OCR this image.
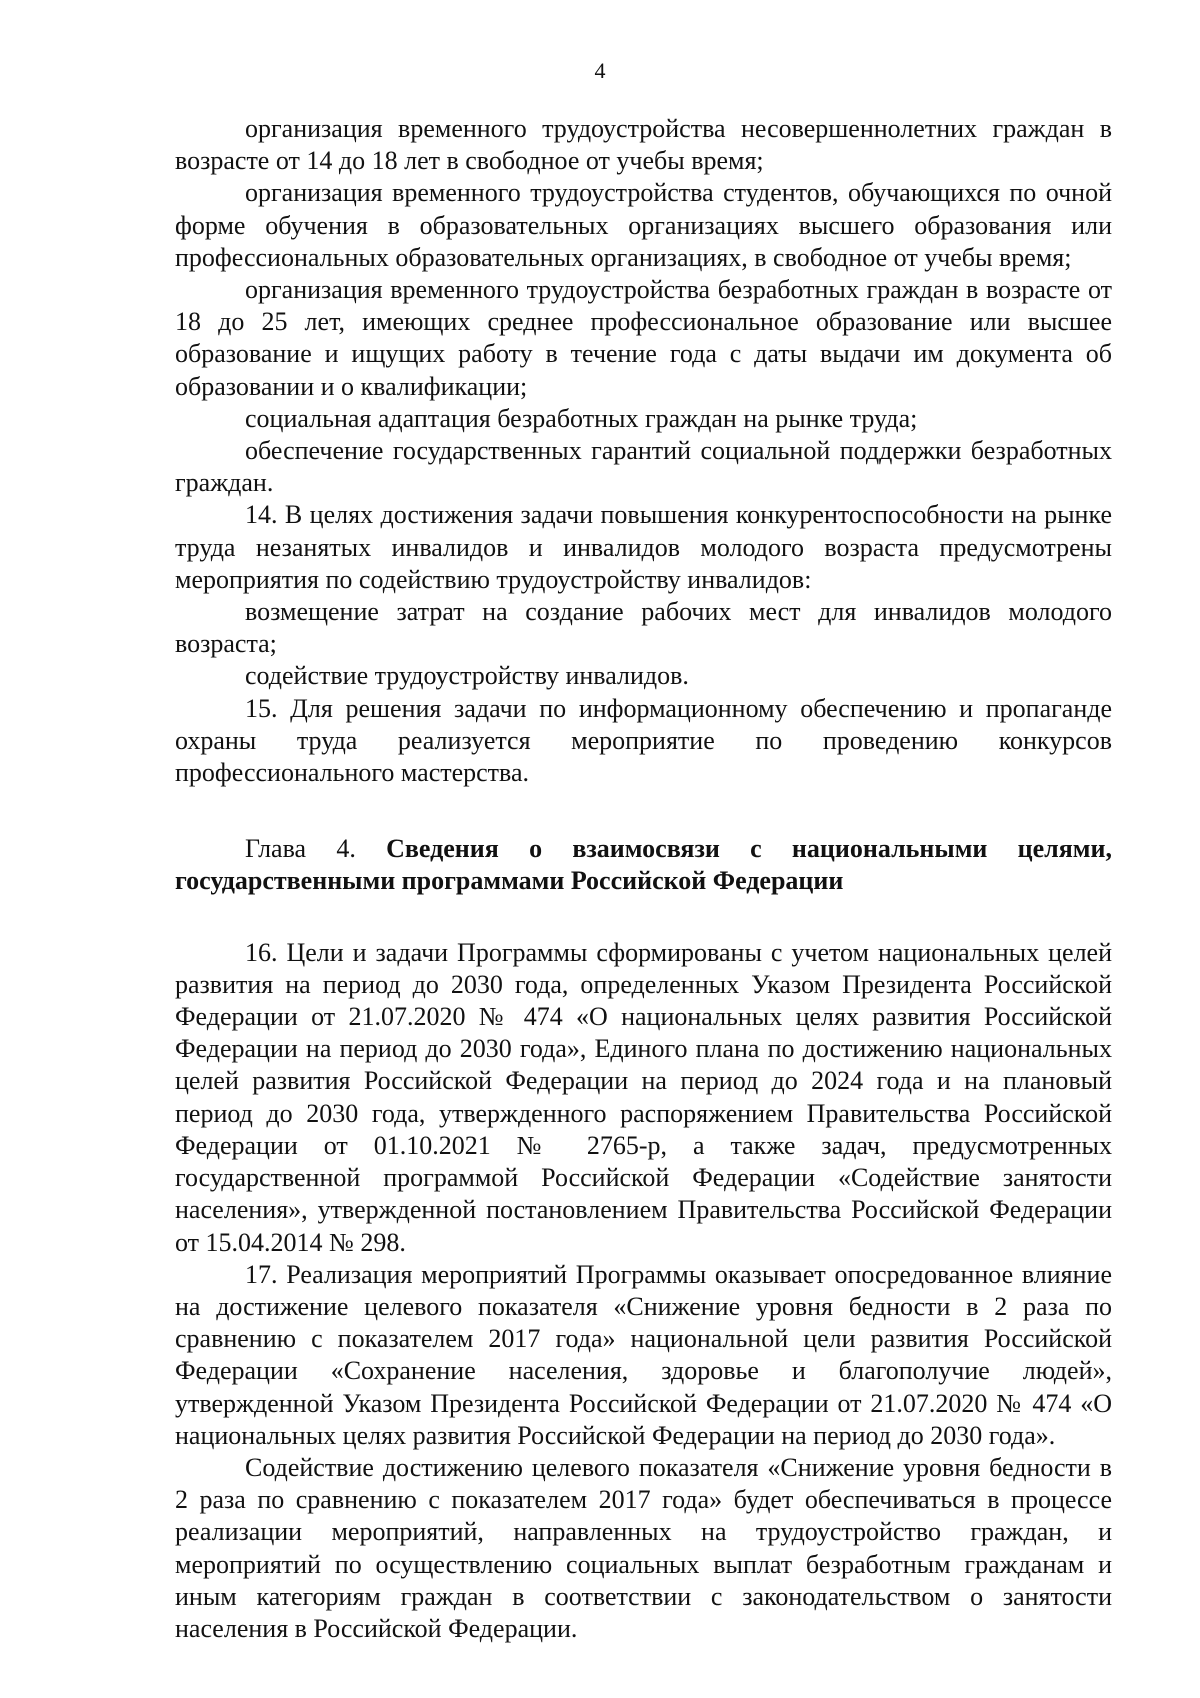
4

организация временного трудоустройства несовершеннолетних граждан в возрасте от 14 до 18 лет в свободное от учебы время;

организация временного трудоустройства студентов, обучающихся по очной форме обучения в образовательных организациях высшего образования или профессиональных образовательных организациях, в свободное от учебы время;

организация временного трудоустройства безработных граждан в возрасте от 18 до 25 лет, имеющих среднее профессиональное образование или высшее образование и ищущих работу в течение года с даты выдачи им документа об образовании и о квалификации;

социальная адаптация безработных граждан на рынке труда;

обеспечение государственных гарантий социальной поддержки безработных граждан.

14. В целях достижения задачи повышения конкурентоспособности на рынке труда незанятых инвалидов и инвалидов молодого возраста предусмотрены мероприятия по содействию трудоустройству инвалидов:

возмещение затрат на создание рабочих мест для инвалидов молодого возраста;

содействие трудоустройству инвалидов.

15. Для решения задачи по информационному обеспечению и пропаганде охраны труда реализуется мероприятие по проведению конкурсов профессионального мастерства.

Глава 4. Сведения о взаимосвязи с национальными целями, государственными программами Российской Федерации

16. Цели и задачи Программы сформированы с учетом национальных целей развития на период до 2030 года, определенных Указом Президента Российской Федерации от 21.07.2020 № 474 «О национальных целях развития Российской Федерации на период до 2030 года», Единого плана по достижению национальных целей развития Российской Федерации на период до 2024 года и на плановый период до 2030 года, утвержденного распоряжением Правительства Российской Федерации от 01.10.2021 № 2765-р, а также задач, предусмотренных государственной программой Российской Федерации «Содействие занятости населения», утвержденной постановлением Правительства Российской Федерации от 15.04.2014 № 298.

17. Реализация мероприятий Программы оказывает опосредованное влияние на достижение целевого показателя «Снижение уровня бедности в 2 раза по сравнению с показателем 2017 года» национальной цели развития Российской Федерации «Сохранение населения, здоровье и благополучие людей», утвержденной Указом Президента Российской Федерации от 21.07.2020 № 474 «О национальных целях развития Российской Федерации на период до 2030 года».

Содействие достижению целевого показателя «Снижение уровня бедности в 2 раза по сравнению с показателем 2017 года» будет обеспечиваться в процессе реализации мероприятий, направленных на трудоустройство граждан, и мероприятий по осуществлению социальных выплат безработным гражданам и иным категориям граждан в соответствии с законодательством о занятости населения в Российской Федерации.
